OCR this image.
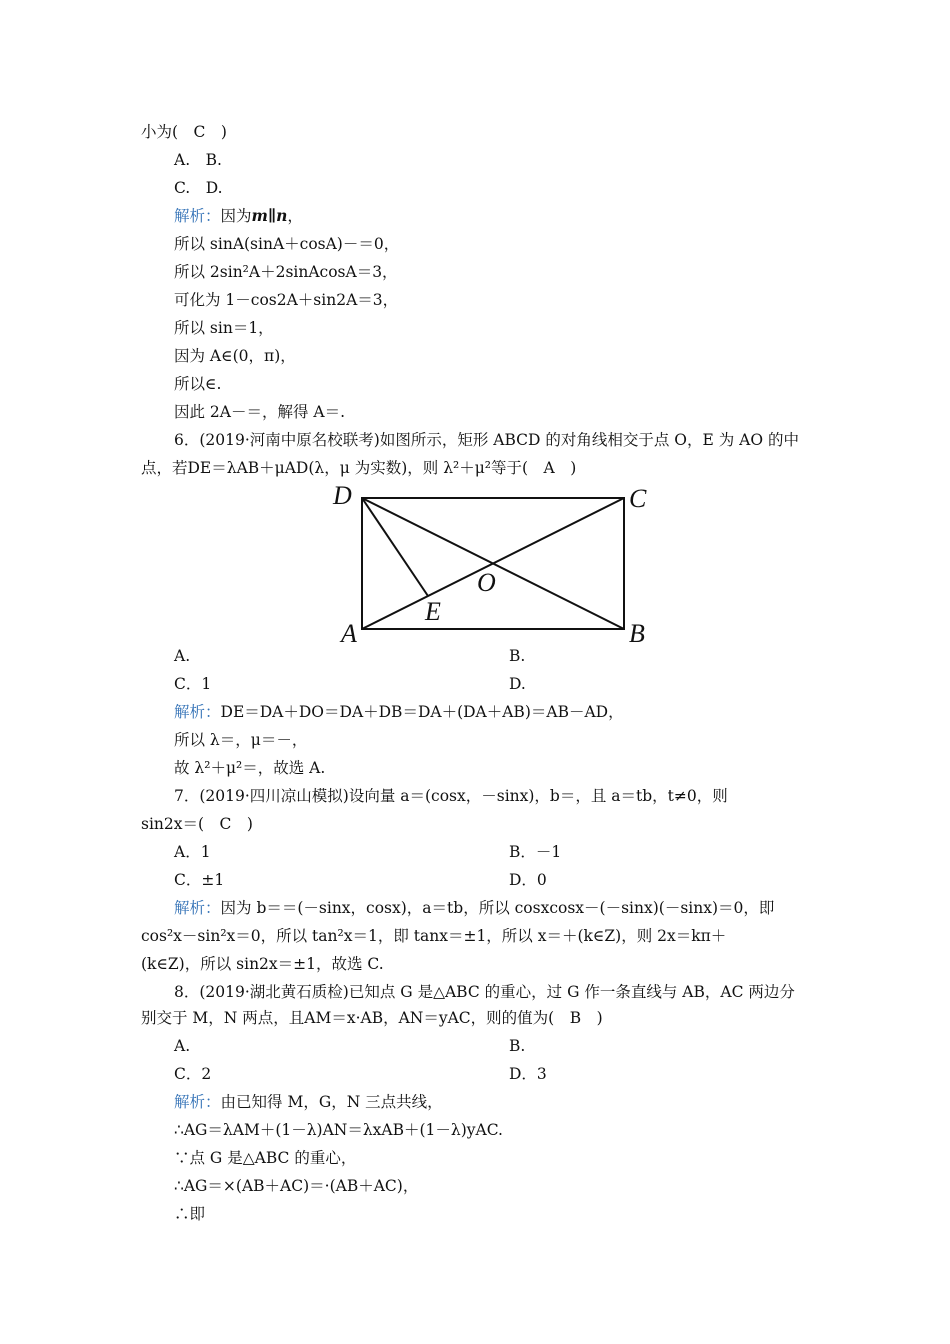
小为(　C　)
A.　B.
C.　D.
解析：因为m∥n，
所以 sinA(sinA＋cosA)－＝0，
所以 2sin²A＋2sinAcosA＝3，
可化为 1－cos2A＋sin2A＝3，
所以 sin＝1，
因为 A∈(0，π)，
所以∈.
因此 2A－＝，解得 A＝.
6．(2019·河南中原名校联考)如图所示，矩形 ABCD 的对角线相交于点 O，E 为 AO 的中
点，若DE＝λAB＋μAD(λ，μ 为实数)，则 λ²＋μ²等于(　A　)
D	C
A	B
O
E
A.	B.
C．1	D.
解析：DE＝DA＋DO＝DA＋DB＝DA＋(DA＋AB)＝AB－AD，
所以 λ＝，μ＝－，
故 λ²＋μ²＝，故选 A.
7．(2019·四川凉山模拟)设向量 a＝(cosx，－sinx)，b＝，且 a＝tb，t≠0，则
sin2x＝(　C　)
A．1	B．－1
C．±1	D．0
解析：因为 b＝＝(－sinx，cosx)，a＝tb，所以 cosxcosx－(－sinx)(－sinx)＝0，即
cos²x－sin²x＝0，所以 tan²x＝1，即 tanx＝±1，所以 x＝＋(k∈Z)，则 2x＝kπ＋
(k∈Z)，所以 sin2x＝±1，故选 C.
8．(2019·湖北黄石质检)已知点 G 是△ABC 的重心，过 G 作一条直线与 AB，AC 两边分
别交于 M，N 两点，且AM＝x·AB，AN＝yAC，则的值为(　B　)
A.	B.
C．2	D．3
解析：由已知得 M，G，N 三点共线，
∴AG＝λAM＋(1－λ)AN＝λxAB＋(1－λ)yAC.
∵点 G 是△ABC 的重心，
∴AG＝×(AB＋AC)＝·(AB＋AC)，
∴即
